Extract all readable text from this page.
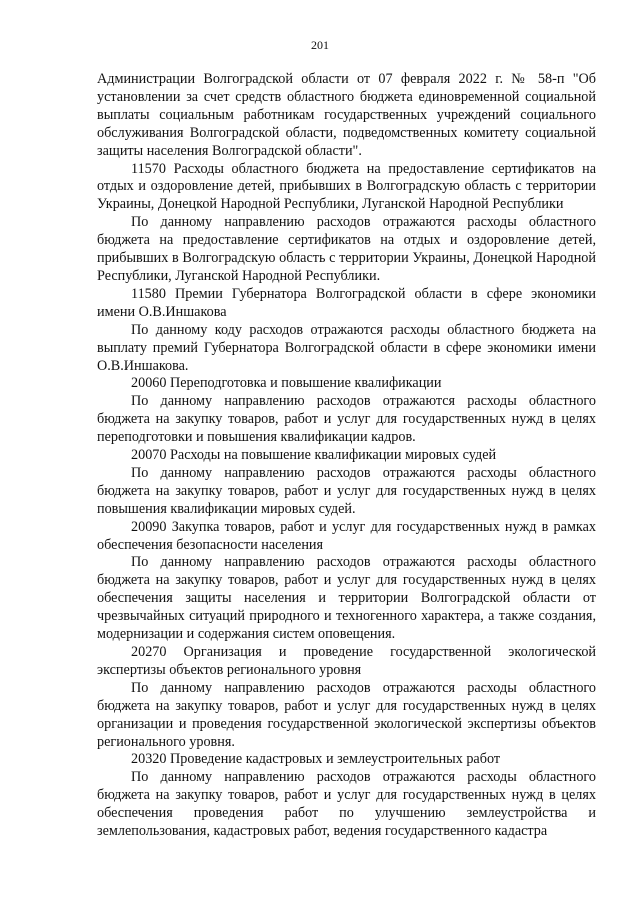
201

Администрации Волгоградской области от 07 февраля 2022 г. № 58-п "Об установлении за счет средств областного бюджета единовременной социальной выплаты социальным работникам государственных учреждений социального обслуживания Волгоградской области, подведомственных комитету социальной защиты населения Волгоградской области".

11570 Расходы областного бюджета на предоставление сертификатов на отдых и оздоровление детей, прибывших в Волгоградскую область с территории Украины, Донецкой Народной Республики, Луганской Народной Республики

По данному направлению расходов отражаются расходы областного бюджета на предоставление сертификатов на отдых и оздоровление детей, прибывших в Волгоградскую область с территории Украины, Донецкой Народной Республики, Луганской Народной Республики.

11580 Премии Губернатора Волгоградской области в сфере экономики имени О.В.Иншакова

По данному коду расходов отражаются расходы областного бюджета на выплату премий Губернатора Волгоградской области в сфере экономики имени О.В.Иншакова.

20060 Переподготовка и повышение квалификации

По данному направлению расходов отражаются расходы областного бюджета на закупку товаров, работ и услуг для государственных нужд в целях переподготовки и повышения квалификации кадров.

20070 Расходы на повышение квалификации мировых судей

По данному направлению расходов отражаются расходы областного бюджета на закупку товаров, работ и услуг для государственных нужд в целях повышения квалификации мировых судей.

20090 Закупка товаров, работ и услуг для государственных нужд в рамках обеспечения безопасности населения

По данному направлению расходов отражаются расходы областного бюджета на закупку товаров, работ и услуг для государственных нужд в целях обеспечения защиты населения и территории Волгоградской области от чрезвычайных ситуаций природного и техногенного характера, а также создания, модернизации и содержания систем оповещения.

20270 Организация и проведение государственной экологической экспертизы объектов регионального уровня

По данному направлению расходов отражаются расходы областного бюджета на закупку товаров, работ и услуг для государственных нужд в целях организации и проведения государственной экологической экспертизы объектов регионального уровня.

20320 Проведение кадастровых и землеустроительных работ

По данному направлению расходов отражаются расходы областного бюджета на закупку товаров, работ и услуг для государственных нужд в целях обеспечения проведения работ по улучшению землеустройства и землепользования, кадастровых работ, ведения государственного кадастра
